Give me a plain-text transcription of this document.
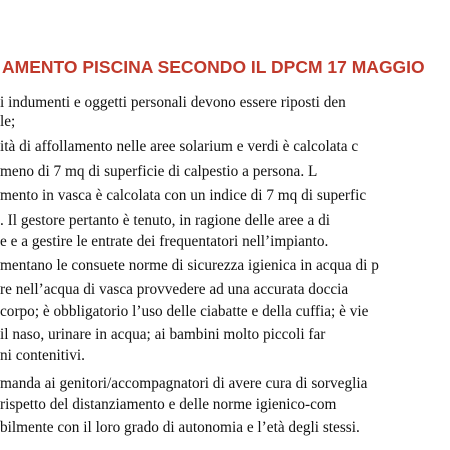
AMENTO PISCINA SECONDO IL DPCM 17 MAGGIO
i indumenti e oggetti personali devono essere riposti den
le;
ità di affollamento nelle aree solarium e verdi è calcolata c
meno di 7 mq di superficie di calpestio a persona. L
mento in vasca è calcolata con un indice di 7 mq di superfic
. Il gestore pertanto è tenuto, in ragione delle aree a di
e e a gestire le entrate dei frequentatori nell’impianto.
mentano le consuete norme di sicurezza igienica in acqua di p
re nell’acqua di vasca provvedere ad una accurata doccia
corpo; è obbligatorio l’uso delle ciabatte e della cuffia; è vie
il naso, urinare in acqua; ai bambini molto piccoli far
ni contenitivi.
manda ai genitori/accompagnatori di avere cura di sorveglia
rispetto del distanziamento e delle norme igienico-com
bilmente con il loro grado di autonomia e l’età degli stessi.
